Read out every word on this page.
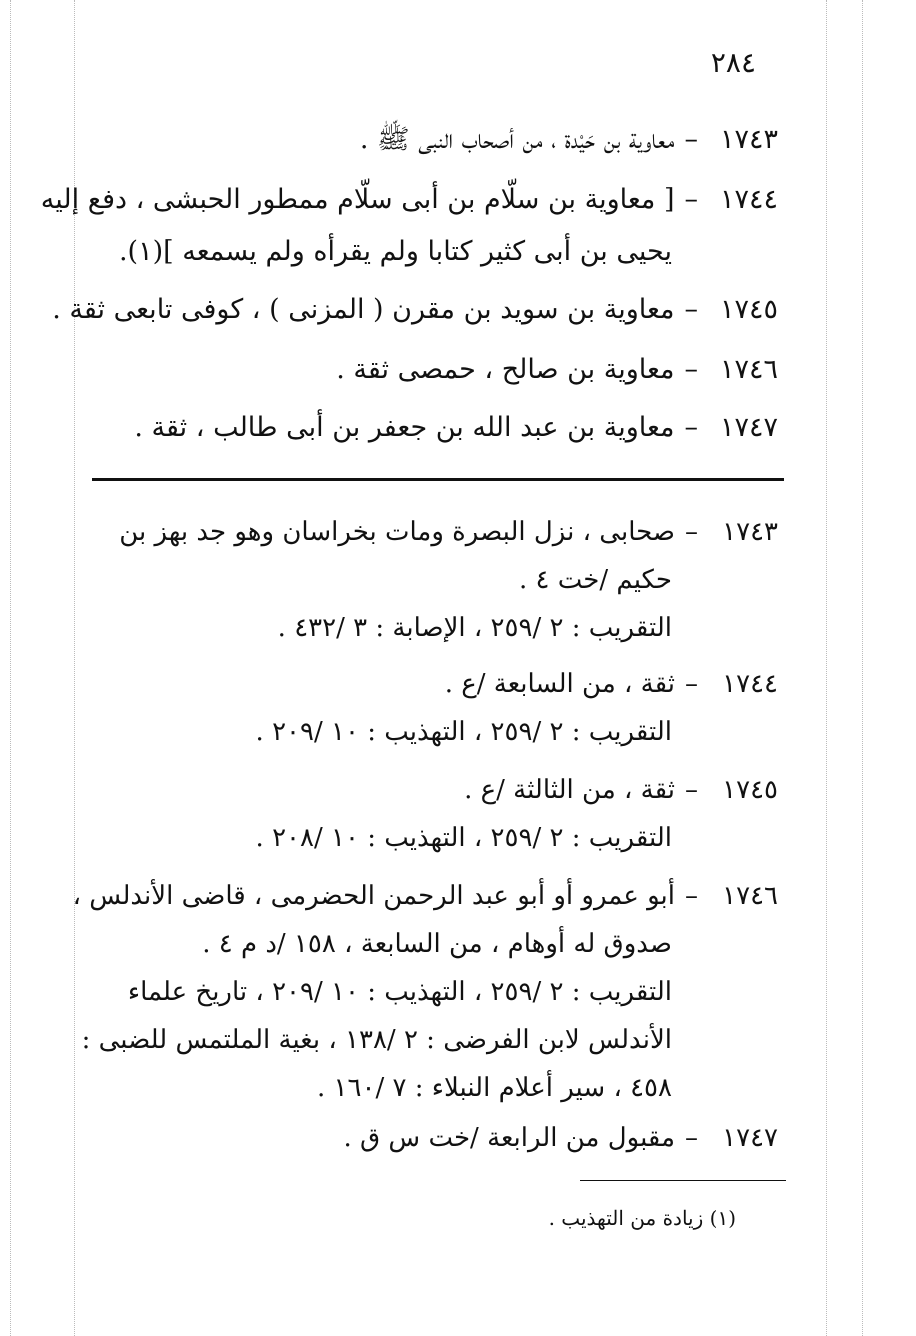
٢٨٤
١٧٤٣–معاوية بن حَيْدة ، من أصحاب النبى ﷺ .
١٧٤٤–[ معاوية بن سلّام بن أبى سلّام ممطور الحبشى ، دفع إليه
يحيى بن أبى كثير كتابا ولم يقرأه ولم يسمعه ](١).
١٧٤٥–معاوية بن سويد بن مقرن ( المزنى ) ، كوفى تابعى ثقة .
١٧٤٦–معاوية بن صالح ، حمصى ثقة .
١٧٤٧–معاوية بن عبد الله بن جعفر بن أبى طالب ، ثقة .
١٧٤٣–صحابى ، نزل البصرة ومات بخراسان وهو جد بهز بن
حكيم /خت ٤ .
التقريب : ٢ /٢٥٩ ، الإصابة : ٣ /٤٣٢ .
١٧٤٤–ثقة ، من السابعة /ع .
التقريب : ٢ /٢٥٩ ، التهذيب : ١٠ /٢٠٩ .
١٧٤٥–ثقة ، من الثالثة /ع .
التقريب : ٢ /٢٥٩ ، التهذيب : ١٠ /٢٠٨ .
١٧٤٦–أبو عمرو أو أبو عبد الرحمن الحضرمى ، قاضى الأندلس ،
صدوق له أوهام ، من السابعة ، ١٥٨ /د م ٤ .
التقريب : ٢ /٢٥٩ ، التهذيب : ١٠ /٢٠٩ ، تاريخ علماء
الأندلس لابن الفرضى : ٢ /١٣٨ ، بغية الملتمس للضبى :
٤٥٨ ، سير أعلام النبلاء : ٧ /١٦٠ .
١٧٤٧–مقبول من الرابعة /خت س ق .
(١) زيادة من التهذيب .
